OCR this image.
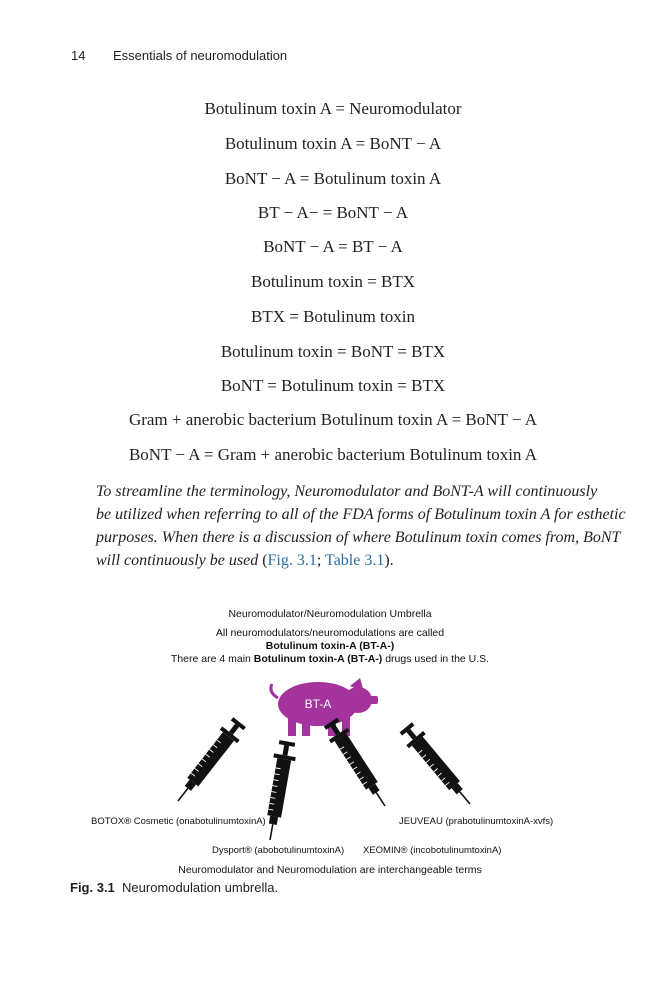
14 Essentials of neuromodulation
Botulinum toxin A = Neuromodulator
Botulinum toxin A = BoNT − A
BoNT − A = Botulinum toxin A
BT − A− = BoNT − A
BoNT − A = BT − A
Botulinum toxin = BTX
BTX = Botulinum toxin
Botulinum toxin = BoNT = BTX
BoNT = Botulinum toxin = BTX
Gram + anerobic bacterium Botulinum toxin A = BoNT − A
BoNT − A = Gram + anerobic bacterium Botulinum toxin A
To streamline the terminology, Neuromodulator and BoNT-A will continuously
be utilized when referring to all of the FDA forms of Botulinum toxin A for esthetic
purposes. When there is a discussion of where Botulinum toxin comes from, BoNT
will continuously be used (Fig. 3.1; Table 3.1).
Neuromodulator/Neuromodulation Umbrella
All neuromodulators/neuromodulations are called
Botulinum toxin-A (BT-A-)
There are 4 main Botulinum toxin-A (BT-A-) drugs used in the U.S.
BT-A
BOTOX® Cosmetic (onabotulinumtoxinA)	JEUVEAU (prabotulinumtoxinA-xvfs)
Dysport® (abobotulinumtoxinA) XEOMIN® (incobotulinumtoxinA)
Neuromodulator and Neuromodulation are interchangeable terms
Fig. 3.1 Neuromodulation umbrella.
